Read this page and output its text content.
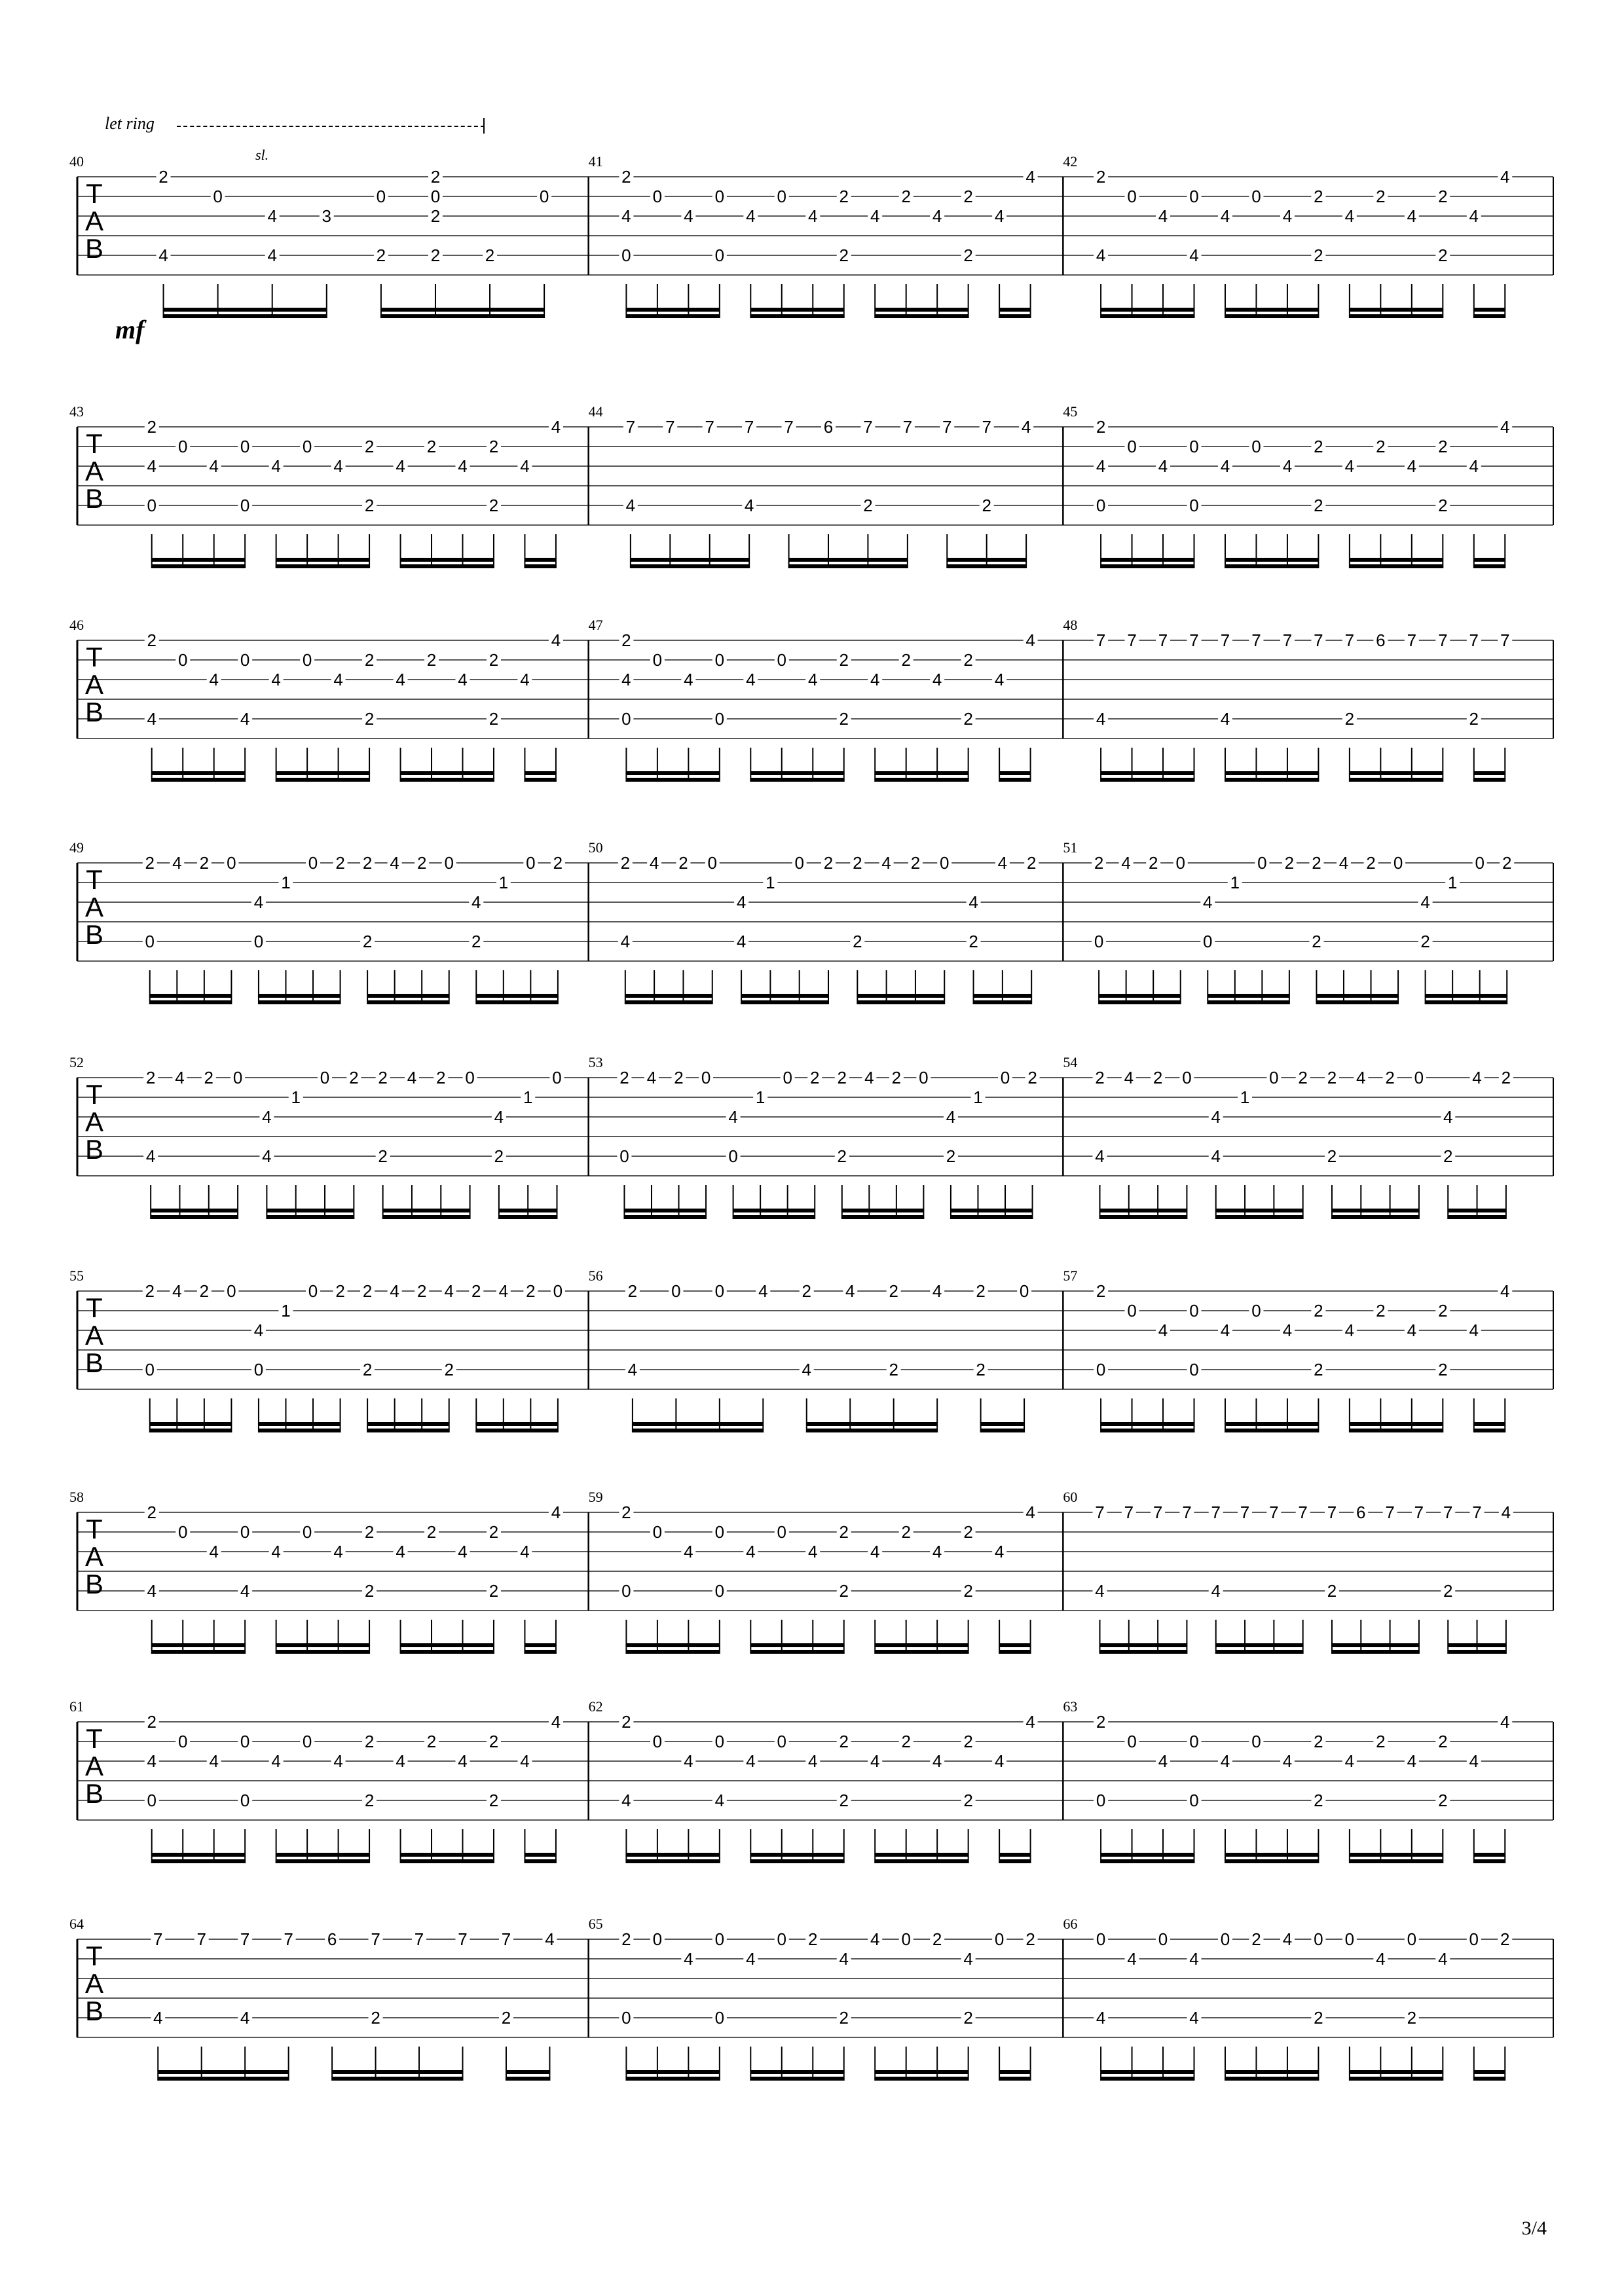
let ring
sl.
mf
T
A
B
40
2
4
0
4
4
3
0
2
2
0
2
2	2
0
41
2
4
0
0
4
0
0
4
0
4
2
2
4
2
4
2
2
4
4
42
2
4
0
4
0
4
4
0
4
2
2
4
2
4
2
2
4
4
T
A
B
43
2
4
0
0
4
0
0
4
0
4
2
2
4
2
4
2
2
4
4
44
7
4
7 7 7
4
7 6 7
2
7 7 7
2
4
45
2
4
0
0
4
0
0
4
0
4
2
2
4
2
4
2
2
4
4
T
A
B
46
2
4
0
4
0
4
4
0
4
2
2
4
2
4
2
2
4
4
47
2
4
0
0
4
0
0
4
0
4
2
2
4
2
4
2
2
4
4
48
7
4
7 7 7 7
4
7 7 7 7
2
6 7 7 7
2
7
T
A
B
49
2
0
4 2 0
4
0
1
0 2 2
2
4 2 0
4
2
1
0 2
50
2
4
4 2 0
4
4
1
0 2 2
2
4 2 0
4
2
4 2
51
2
0
4 2 0
4
0
1
0 2 2
2
4 2 0
4
2
1
0 2
T
A
B
52
2
4
4 2 0
4
4
1
0 2 2
2
4 2 0
4
2
1
0
53
2
0
4 2 0
4
0
1
0 2 2
2
4 2 0
4
2
1
0 2
54
2
4
4 2 0
4
4
1
0 2 2
2
4 2 0
4
2
4 2
T
A
B
55
2
0
4 2 0
4
0
1
0 2 2
2
4 2 4
2
2 4 2 0
56
2
4
0 0 4 2
4
4 2
2
4 2
2
0
57
2
0
0
4
0
0
4
0
4
2
2
4
2
4
2
2
4
4
T
A
B
58
2
4
0
4
0
4
4
0
4
2
2
4
2
4
2
2
4
4
59
2
0
0
4
0
0
4
0
4
2
2
4
2
4
2
2
4
4
60
7
4
7 7 7 7
4
7 7 7 7
2
6 7 7 7
2
7 4
T
A
B
61
2
4
0
0
4
0
0
4
0
4
2
2
4
2
4
2
2
4
4
62
2
4
0
4
0
4
4
0
4
2
2
4
2
4
2
2
4
4
63
2
0
0
4
0
0
4
0
4
2
2
4
2
4
2
2
4
4
T
A
B
64
7
4
7 7
4
7 6 7
2
7 7 7
2
4
65
2
0
0
4
0
0
4
0 2
4
2
4 0 2
4
2
0 2
66
0
4
4
0
4
4
0 2 4 0
2
0
4
0
2
4
0 2
3/4
